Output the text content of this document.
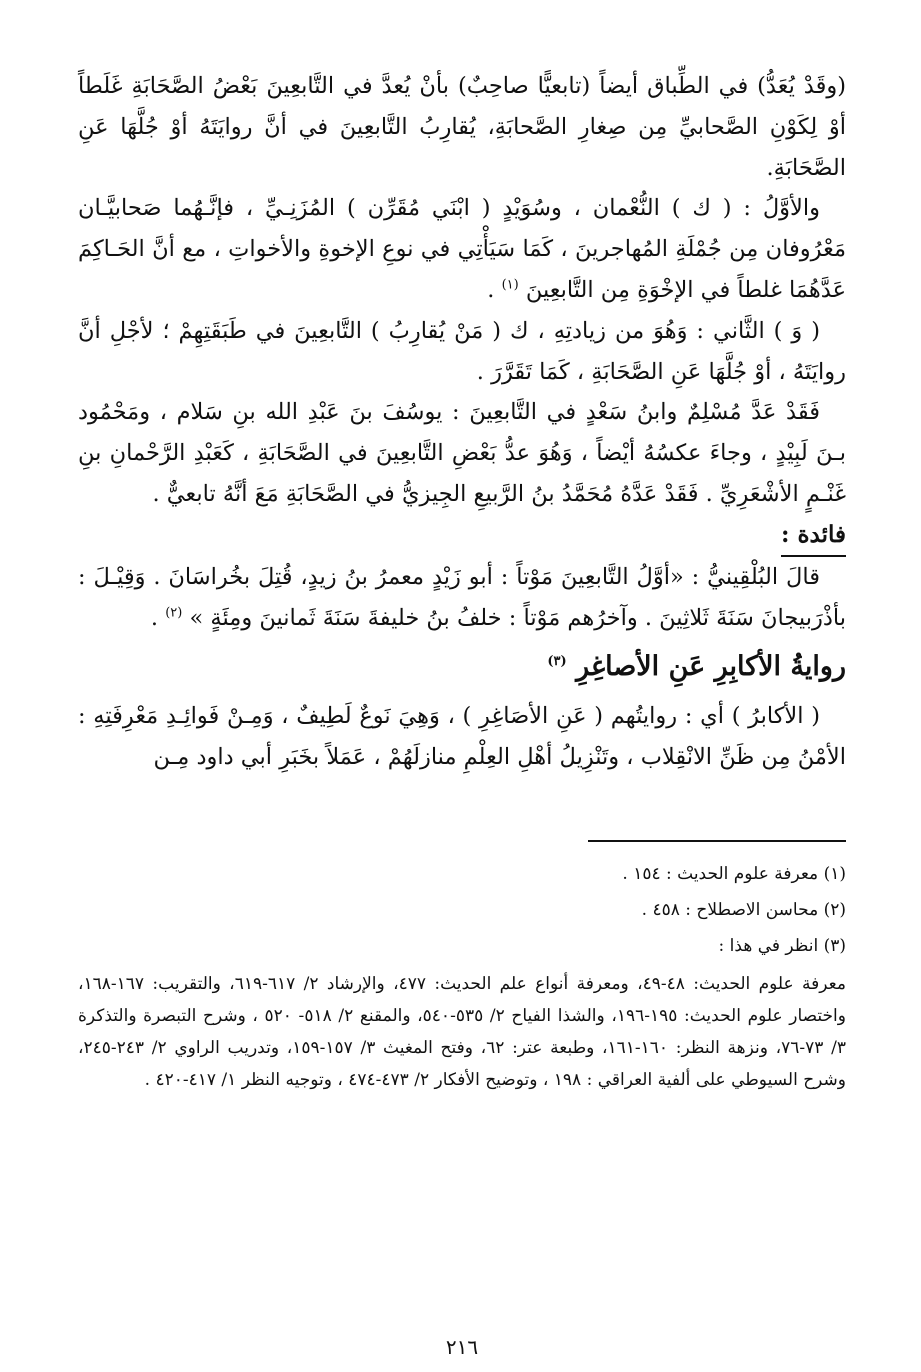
(وقَدْ يُعَدُّ) في الطِّباق أيضاً (تابعيًّا صاحِبٌ) بأنْ يُعدَّ في التَّابعِينَ بَعْضُ الصَّحَابَةِ غَلَطاً أوْ لِكَوْنِ الصَّحابيِّ مِن صِغارِ الصَّحابَةِ، يُقارِبُ التَّابعِينَ في أنَّ روايَتَهُ أوْ جُلَّهَا عَنِ الصَّحَابَةِ.

والأوَّلُ : ( ك ) النُّعْمان ، وسُوَيْدٍ ( ابْنَي مُقَرِّن ) المُزَنِـيِّ ، فإنَّـهُما صَحابيَّـان مَعْرُوفان مِن جُمْلَةِ المُهاجرينَ ، كَمَا سَيَأْتِي في نوعِ الإخوةِ والأخواتِ ، مع أنَّ الحَـاكِمَ عَدَّهُمَا غلطاً في الإخْوَةِ مِن التَّابعِينَ $^{(١)}$ .

( وَ ) الثَّاني : وَهُوَ من زيادتِهِ ، ك ( مَنْ يُقارِبُ ) التَّابعِينَ في طَبَقَتِهِمْ ؛ لأجْلِ أنَّ روايَتَهُ ، أوْ جُلَّهَا عَنِ الصَّحَابَةِ ، كَمَا تَقَرَّرَ .

فَقَدْ عَدَّ مُسْلِمٌ وابنُ سَعْدٍ في التَّابعِينَ : يوسُفَ بنَ عَبْدِ الله بنِ سَلام ، ومَحْمُود بـنَ لَبِيْدٍ ، وجاءَ عكسُهُ أيْضاً ، وَهُوَ عدُّ بَعْضِ التَّابعِينَ في الصَّحَابَةِ ، كَعَبْدِ الرَّحْمانِ بنِ غَنْـمٍ الأشْعَرِيِّ . فَقَدْ عَدَّهُ مُحَمَّدُ بنُ الرَّبيعِ الجِيزيُّ في الصَّحَابَةِ مَعَ أنَّهُ تابعيٌّ .

فائدة :

قالَ البُلْقِينيُّ : «أوَّلُ التَّابعِينَ مَوْتاً : أبو زَيْدٍ معمرُ بنُ زيدٍ، قُتِلَ بخُراسَانَ . وَقِيْـلَ : بأذْرَبيجانَ سَنَةَ ثَلاثِينَ . وآخرُهم مَوْتاً : خلفُ بنُ خليفةَ سَنَةَ ثَمانينَ ومِئَةٍ » $^{(٢)}$ .

روايةُ الأكابِرِ عَنِ الأصاغِرِ $^{(٣)}$

( الأكابرُ ) أي : روايتُهم ( عَنِ الأصَاغِرِ ) ، وَهِيَ نَوعٌ لَطِيفٌ ، وَمِـنْ فَوائِـدِ مَعْرِفَتِهِ : الأمْنُ مِن ظَنِّ الانْقِلاب ، وتَنْزِيلُ أهْلِ العِلْمِ منازلَهُمْ ، عَمَلاً بخَبَرِ أبي داود مِـن

(١) معرفة علوم الحديث : ١٥٤ .

(٢) محاسن الاصطلاح : ٤٥٨ .

(٣) انظر في هذا :

معرفة علوم الحديث: ٤٨-٤٩، ومعرفة أنواع علم الحديث: ٤٧٧، والإرشاد ٢/ ٦١٧-٦١٩، والتقريب: ١٦٧-١٦٨، واختصار علوم الحديث: ١٩٥-١٩٦، والشذا الفياح ٢/ ٥٣٥-٥٤٠، والمقنع ٢/ ٥١٨- ٥٢٠ ، وشرح التبصرة والتذكرة ٣/ ٧٣-٧٦، ونزهة النظر: ١٦٠-١٦١، وطبعة عتر: ٦٢، وفتح المغيث ٣/ ١٥٧-١٥٩، وتدريب الراوي ٢/ ٢٤٣-٢٤٥، وشرح السيوطي على ألفية العراقي : ١٩٨ ، وتوضيح الأفكار ٢/ ٤٧٣-٤٧٤ ، وتوجيه النظر ١/ ٤١٧-٤٢٠ .

٢١٦
